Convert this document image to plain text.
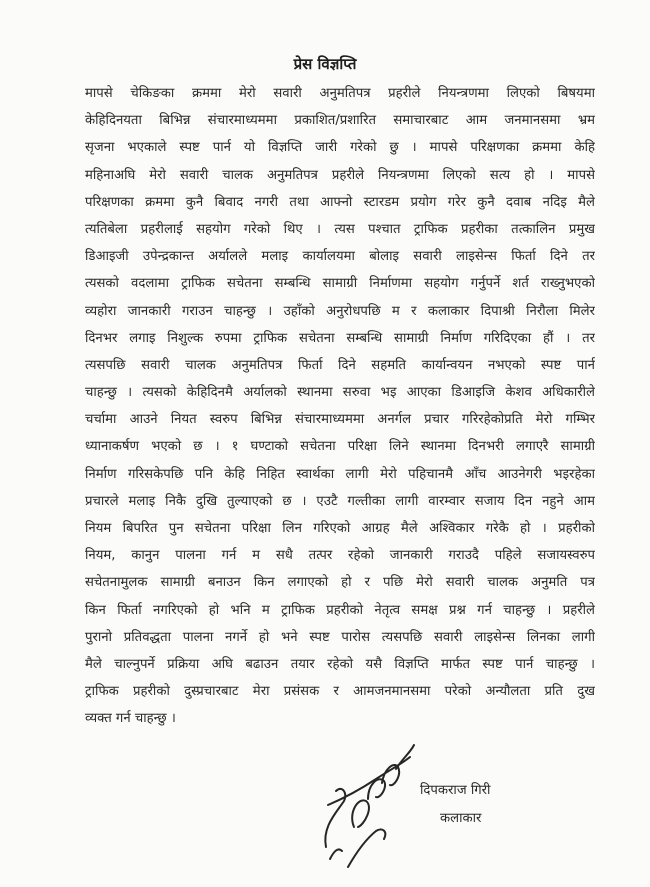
प्रेस विज्ञप्ति
मापसे चेकिङका क्रममा मेरो सवारी अनुमतिपत्र प्रहरीले नियन्त्रणमा लिएको बिषयमा
केहिदिनयता बिभिन्न संचारमाध्यममा प्रकाशित/प्रशारित समाचारबाट आम जनमानसमा भ्रम
सृजना भएकाले स्पष्ट पार्न यो विज्ञप्ति जारी गरेको छु । मापसे परिक्षणका क्रममा केहि
महिनाअघि मेरो सवारी चालक अनुमतिपत्र प्रहरीले नियन्त्रणमा लिएको सत्य हो । मापसे
परिक्षणका क्रममा कुनै बिवाद नगरी तथा आफ्नो स्टारडम प्रयोग गरेर कुनै दवाब नदिइ मैले
त्यतिबेला प्रहरीलाई सहयोग गरेको थिए । त्यस पश्चात ट्राफिक प्रहरीका तत्कालिन प्रमुख
डिआइजी उपेन्द्रकान्त अर्यालले मलाइ कार्यालयमा बोलाइ सवारी लाइसेन्स फिर्ता दिने तर
त्यसको वदलामा ट्राफिक सचेतना सम्बन्धि सामाग्री निर्माणमा सहयोग गर्नुपर्ने शर्त राख्नुभएको
व्यहोरा जानकारी गराउन चाहन्छु । उहाँको अनुरोधपछि म र कलाकार दिपाश्री निरौला मिलेर
दिनभर लगाइ निशुल्क रुपमा ट्राफिक सचेतना सम्बन्धि सामाग्री निर्माण गरिदिएका हौं । तर
त्यसपछि सवारी चालक अनुमतिपत्र फिर्ता दिने सहमति कार्यान्वयन नभएको स्पष्ट पार्न
चाहन्छु । त्यसको केहिदिनमै अर्यालको स्थानमा सरुवा भइ आएका डिआइजि केशव अधिकारीले
चर्चामा आउने नियत स्वरुप बिभिन्न संचारमाध्यममा अनर्गल प्रचार गरिरहेकोप्रति मेरो गम्भिर
ध्यानाकर्षण भएको छ । १ घण्टाको सचेतना परिक्षा लिने स्थानमा दिनभरी लगाएरै सामाग्री
निर्माण गरिसकेपछि पनि केहि निहित स्वार्थका लागी मेरो पहिचानमै आँच आउनेगरी भइरहेका
प्रचारले मलाइ निकै दुखि तुल्याएको छ । एउटै गल्तीका लागी वारम्वार सजाय दिन नहुने आम
नियम बिपरित पुन सचेतना परिक्षा लिन गरिएको आग्रह मैले अश्विकार गरेकै हो । प्रहरीको
नियम, कानुन पालना गर्न म सधै तत्पर रहेको जानकारी गराउदै पहिले सजायस्वरुप
सचेतनामुलक सामाग्री बनाउन किन लगाएको हो र पछि मेरो सवारी चालक अनुमति पत्र
किन फिर्ता नगरिएको हो भनि म ट्राफिक प्रहरीको नेतृत्व समक्ष प्रश्न गर्न चाहन्छु । प्रहरीले
पुरानो प्रतिवद्धता पालना नगर्ने हो भने स्पष्ट पारोस त्यसपछि सवारी लाइसेन्स लिनका लागी
मैले चाल्नुपर्ने प्रक्रिया अघि बढाउन तयार रहेको यसै विज्ञप्ति मार्फत स्पष्ट पार्न चाहन्छु ।
ट्राफिक प्रहरीको दुस्प्रचारबाट मेरा प्रसंसक र आमजनमानसमा परेको अन्यौलता प्रति दुख
व्यक्त गर्न चाहन्छु ।
दिपकराज गिरी
कलाकार
